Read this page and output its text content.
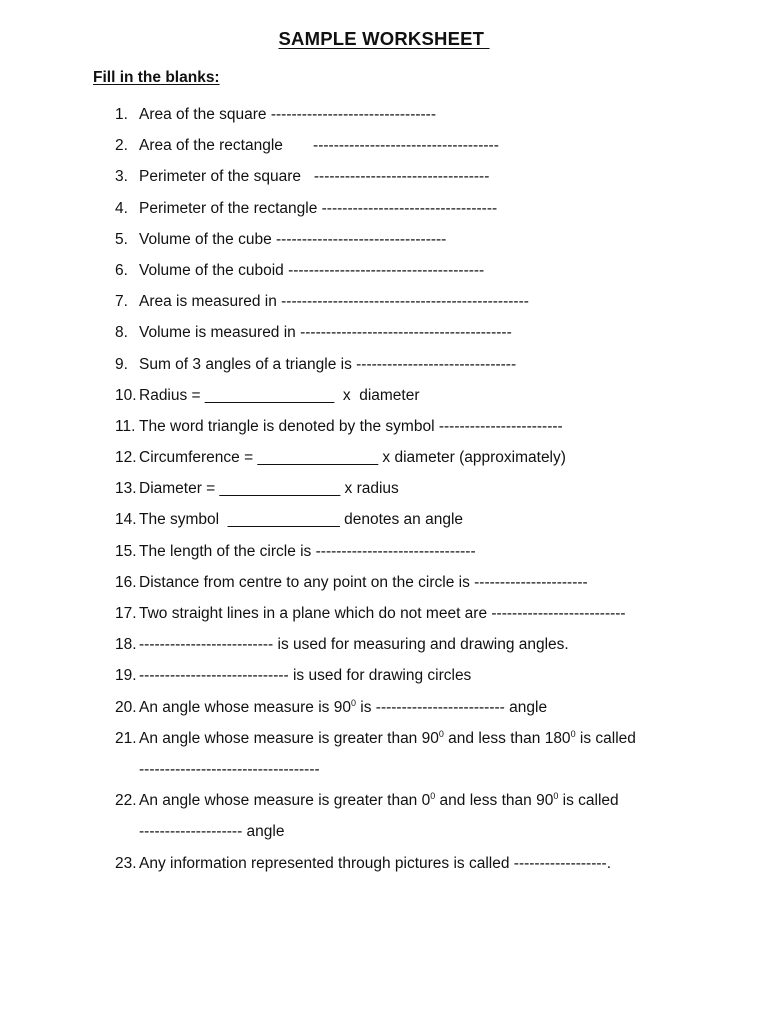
SAMPLE WORKSHEET
Fill in the blanks:
1. Area of the square --------------------------------
2. Area of the rectangle       ------------------------------------
3. Perimeter of the square   ----------------------------------
4. Perimeter of the rectangle ----------------------------------
5. Volume of the cube ---------------------------------
6. Volume of the cuboid --------------------------------------
7. Area is measured in ------------------------------------------------
8. Volume is measured in -----------------------------------------
9. Sum of 3 angles of a triangle is -------------------------------
10. Radius = _______________  x  diameter
11. The word triangle is denoted by the symbol ------------------------
12. Circumference = ______________ x diameter (approximately)
13. Diameter = ______________ x radius
14. The symbol  _____________ denotes an angle
15. The length of the circle is -------------------------------
16. Distance from centre to any point on the circle is ----------------------
17. Two straight lines in a plane which do not meet are --------------------------
18. -------------------------- is used for measuring and drawing angles.
19. ----------------------------- is used for drawing circles
20. An angle whose measure is $90^0$ is ------------------------- angle
21. An angle whose measure is greater than $90^0$ and less than $180^0$ is called
-----------------------------------
22. An angle whose measure is greater than $0^0$ and less than $90^0$ is called
-------------------- angle
23. Any information represented through pictures is called ------------------.
